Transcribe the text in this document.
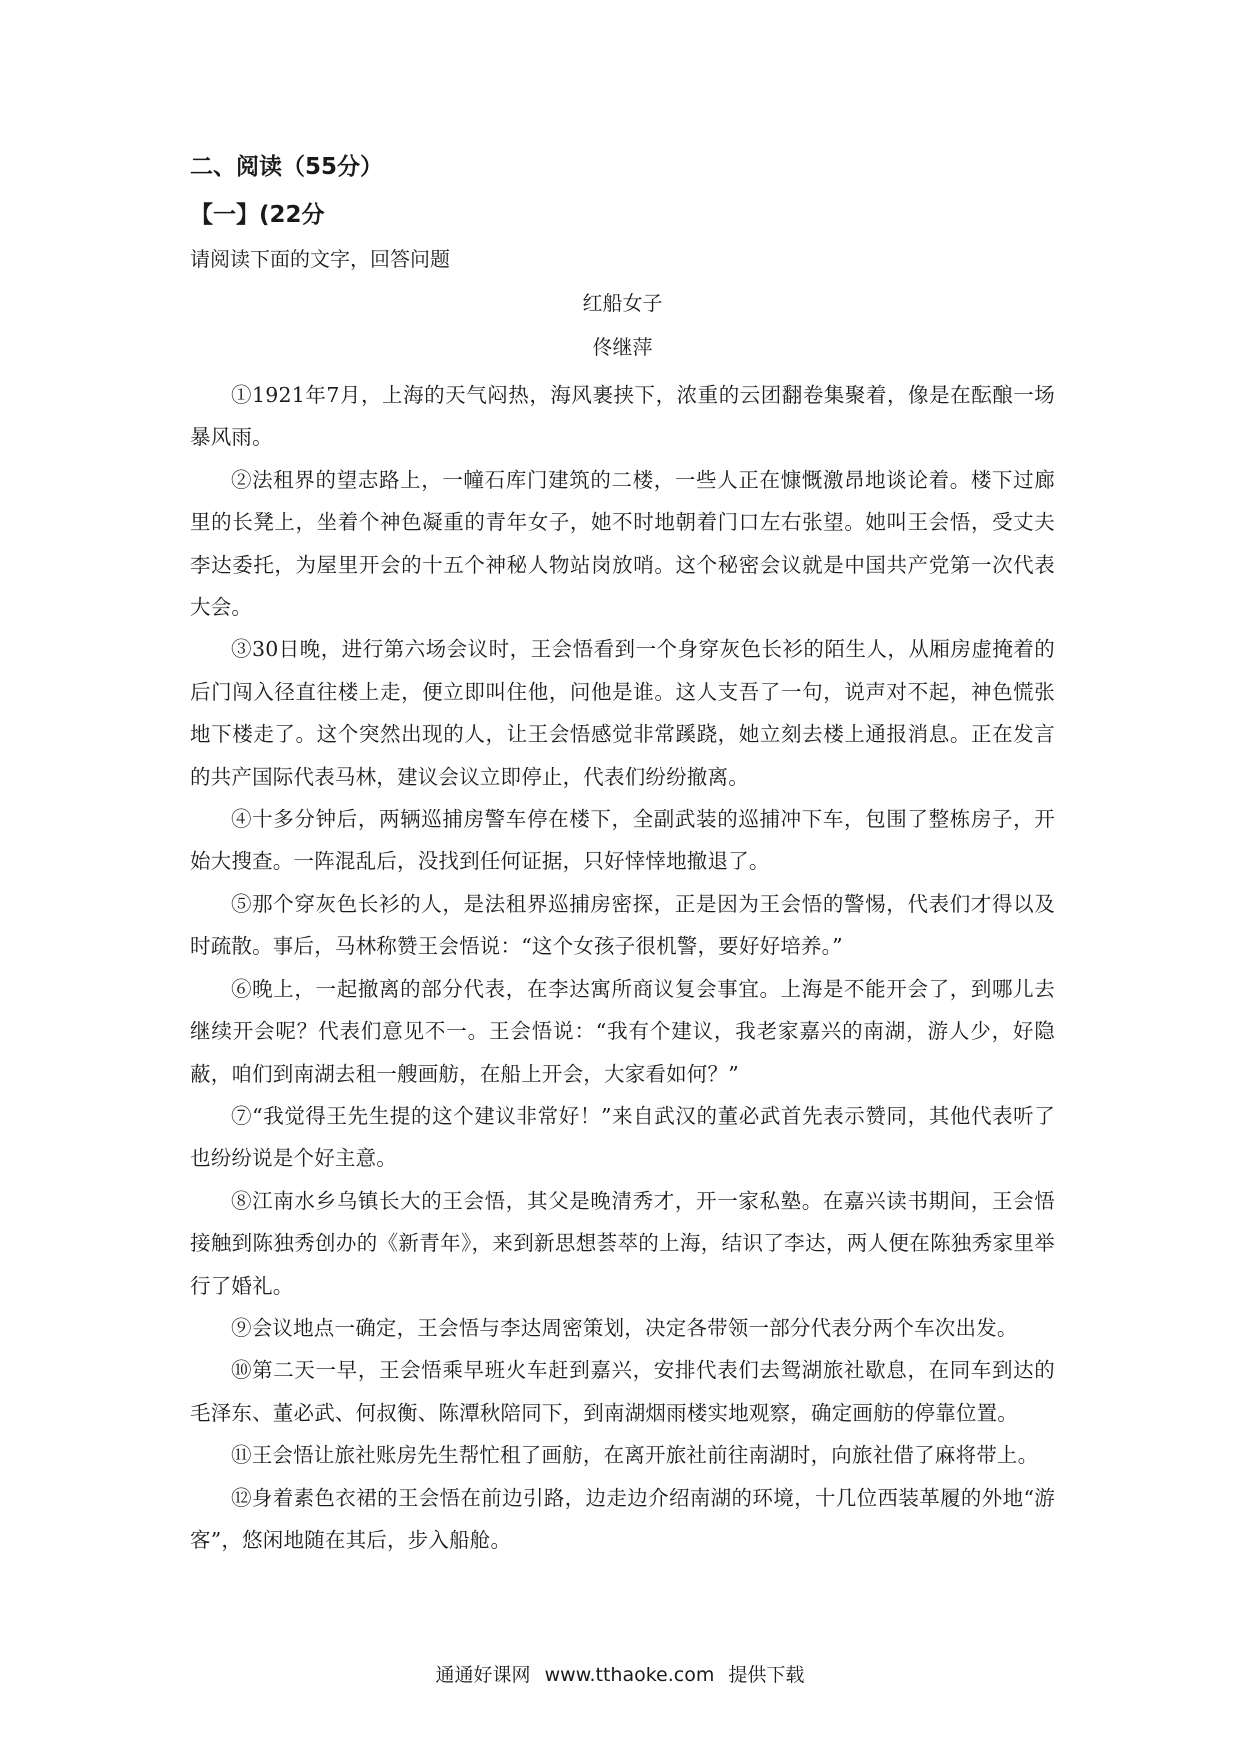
二、阅读（55分）
【一】(22分
请阅读下面的文字，回答问题
红船女子
佟继萍

①1921年7月，上海的天气闷热，海风裹挟下，浓重的云团翻卷集聚着，像是在酝酿一场暴风雨。

②法租界的望志路上，一幢石库门建筑的二楼，一些人正在慷慨激昂地谈论着。楼下过廊里的长凳上，坐着个神色凝重的青年女子，她不时地朝着门口左右张望。她叫王会悟，受丈夫李达委托，为屋里开会的十五个神秘人物站岗放哨。这个秘密会议就是中国共产党第一次代表大会。

③30日晚，进行第六场会议时，王会悟看到一个身穿灰色长衫的陌生人，从厢房虚掩着的后门闯入径直往楼上走，便立即叫住他，问他是谁。这人支吾了一句，说声对不起，神色慌张地下楼走了。这个突然出现的人，让王会悟感觉非常蹊跷，她立刻去楼上通报消息。正在发言的共产国际代表马林，建议会议立即停止，代表们纷纷撤离。

④十多分钟后，两辆巡捕房警车停在楼下，全副武装的巡捕冲下车，包围了整栋房子，开始大搜查。一阵混乱后，没找到任何证据，只好悻悻地撤退了。

⑤那个穿灰色长衫的人，是法租界巡捕房密探，正是因为王会悟的警惕，代表们才得以及时疏散。事后，马林称赞王会悟说：“这个女孩子很机警，要好好培养。”

⑥晚上，一起撤离的部分代表，在李达寓所商议复会事宜。上海是不能开会了，到哪儿去继续开会呢？代表们意见不一。王会悟说：“我有个建议，我老家嘉兴的南湖，游人少，好隐蔽，咱们到南湖去租一艘画舫，在船上开会，大家看如何？”

⑦“我觉得王先生提的这个建议非常好！”来自武汉的董必武首先表示赞同，其他代表听了也纷纷说是个好主意。

⑧江南水乡乌镇长大的王会悟，其父是晚清秀才，开一家私塾。在嘉兴读书期间，王会悟接触到陈独秀创办的《新青年》，来到新思想荟萃的上海，结识了李达，两人便在陈独秀家里举行了婚礼。

⑨会议地点一确定，王会悟与李达周密策划，决定各带领一部分代表分两个车次出发。

⑩第二天一早，王会悟乘早班火车赶到嘉兴，安排代表们去鸳湖旅社歇息，在同车到达的毛泽东、董必武、何叔衡、陈潭秋陪同下，到南湖烟雨楼实地观察，确定画舫的停靠位置。

⑪王会悟让旅社账房先生帮忙租了画舫，在离开旅社前往南湖时，向旅社借了麻将带上。

⑫身着素色衣裙的王会悟在前边引路，边走边介绍南湖的环境，十几位西装革履的外地“游客”，悠闲地随在其后，步入船舱。

通通好课网 www.tthaoke.com 提供下载
